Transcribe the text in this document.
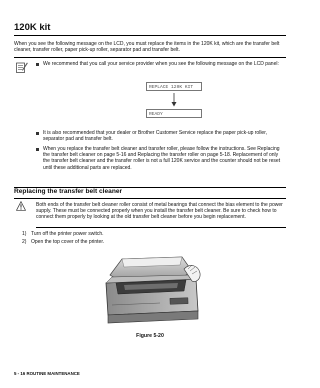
120K kit

When you see the following message on the LCD, you must replace the items in the 120K kit, which are the transfer belt cleaner, transfer roller, paper pick-up roller, separator pad and transfer belt.

We recommend that you call your service provider when you see the following message on the LCD panel:
REPLACE 120K KIT
READY
It is also recommended that your dealer or Brother Customer Service replace the paper pick-up roller, separator pad and transfer belt.
When you replace the transfer belt cleaner and transfer roller, please follow the instructions. See Replacing the transfer belt cleaner on page 5-16 and Replacing the transfer roller on page 5-18. Replacement of only the transfer belt cleaner and the transfer roller is not a full 120K service and the counter should not be reset until these additional parts are replaced.
Replacing the transfer belt cleaner

Both ends of the transfer belt cleaner roller consist of metal bearings that connect the bias element to the power supply. These must be connected properly when you install the transfer belt cleaner. Be sure to check how to connect them properly by looking at the old transfer belt cleaner before you begin replacement.

1) Turn off the printer power switch.
2) Open the top cover of the printer.
Figure 5-20
5 - 16 ROUTINE MAINTENANCE
